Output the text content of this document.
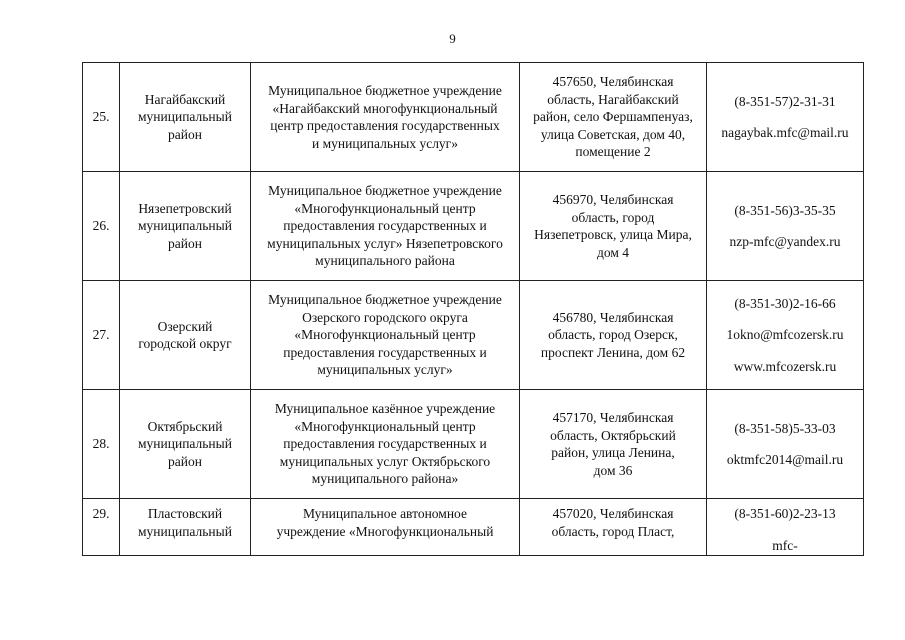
9
25.	Нагайбакский
муниципальный
район	Муниципальное бюджетное учреждение
«Нагайбакский многофункциональный
центр предоставления государственных
и муниципальных услуг»	457650, Челябинская
область, Нагайбакский
район, село Фершампенуаз,
улица Советская, дом 40,
помещение 2	(8-351-57)2-31-31
nagaybak.mfc@mail.ru

26.	Нязепетровский
муниципальный
район	Муниципальное бюджетное учреждение
«Многофункциональный центр
предоставления государственных и
муниципальных услуг» Нязепетровского
муниципального района	456970, Челябинская
область, город
Нязепетровск, улица Мира,
дом 4	(8-351-56)3-35-35
nzp-mfc@yandex.ru

27.	Озерский
городской округ	Муниципальное бюджетное учреждение
Озерского городского округа
«Многофункциональный центр
предоставления государственных и
муниципальных услуг»	456780, Челябинская
область, город Озерск,
проспект Ленина, дом 62	(8-351-30)2-16-66
1okno@mfcozersk.ru
www.mfcozersk.ru

28.	Октябрьский
муниципальный
район	Муниципальное казённое учреждение
«Многофункциональный центр
предоставления государственных и
муниципальных услуг Октябрьского
муниципального района»	457170, Челябинская
область, Октябрьский
район, улица Ленина,
дом 36	(8-351-58)5-33-03
oktmfc2014@mail.ru

29.	Пластовский
муниципальный	Муниципальное автономное
учреждение «Многофункциональный	457020, Челябинская
область, город Пласт,	(8-351-60)2-23-13
mfc-
